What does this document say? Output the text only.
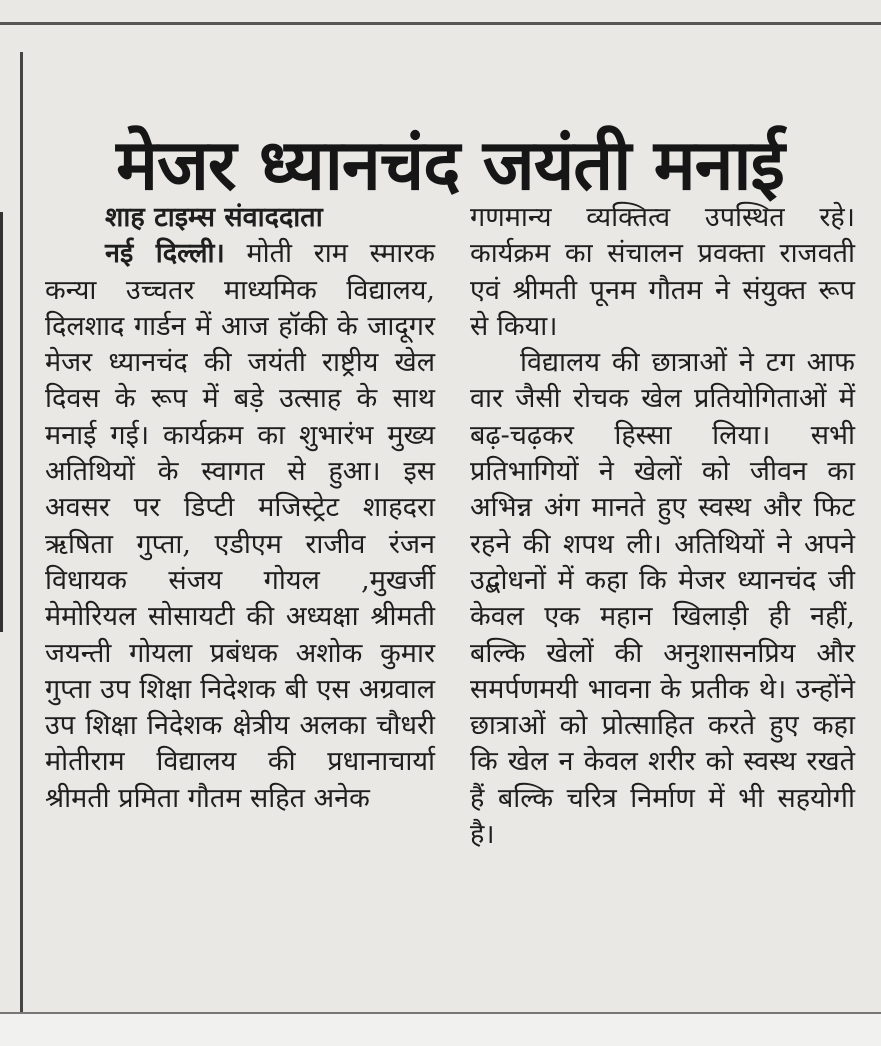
मेजर ध्यानचंद जयंती मनाई
शाह टाइम्स संवाददाता

नई दिल्ली। मोती राम स्मारक कन्या उच्चतर माध्यमिक विद्यालय, दिलशाद गार्डन में आज हॉकी के जादूगर मेजर ध्यानचंद की जयंती राष्ट्रीय खेल दिवस के रूप में बड़े उत्साह के साथ मनाई गई। कार्यक्रम का शुभारंभ मुख्य अतिथियों के स्वागत से हुआ। इस अवसर पर डिप्टी मजिस्ट्रेट शाहदरा ऋषिता गुप्ता, एडीएम राजीव रंजन विधायक संजय गोयल ,मुखर्जी मेमोरियल सोसायटी की अध्यक्षा श्रीमती जयन्ती गोयला प्रबंधक अशोक कुमार गुप्ता उप शिक्षा निदेशक बी एस अग्रवाल उप शिक्षा निदेशक क्षेत्रीय अलका चौधरी मोतीराम विद्यालय की प्रधानाचार्या श्रीमती प्रमिता गौतम सहित अनेक

गणमान्य व्यक्तित्व उपस्थित रहे। कार्यक्रम का संचालन प्रवक्ता राजवती एवं श्रीमती पूनम गौतम ने संयुक्त रूप से किया।

विद्यालय की छात्राओं ने टग आफ वार जैसी रोचक खेल प्रतियोगिताओं में बढ़-चढ़कर हिस्सा लिया। सभी प्रतिभागियों ने खेलों को जीवन का अभिन्न अंग मानते हुए स्वस्थ और फिट रहने की शपथ ली। अतिथियों ने अपने उद्बोधनों में कहा कि मेजर ध्यानचंद जी केवल एक महान खिलाड़ी ही नहीं, बल्कि खेलों की अनुशासनप्रिय और समर्पणमयी भावना के प्रतीक थे। उन्होंने छात्राओं को प्रोत्साहित करते हुए कहा कि खेल न केवल शरीर को स्वस्थ रखते हैं बल्कि चरित्र निर्माण में भी सहयोगी है।
